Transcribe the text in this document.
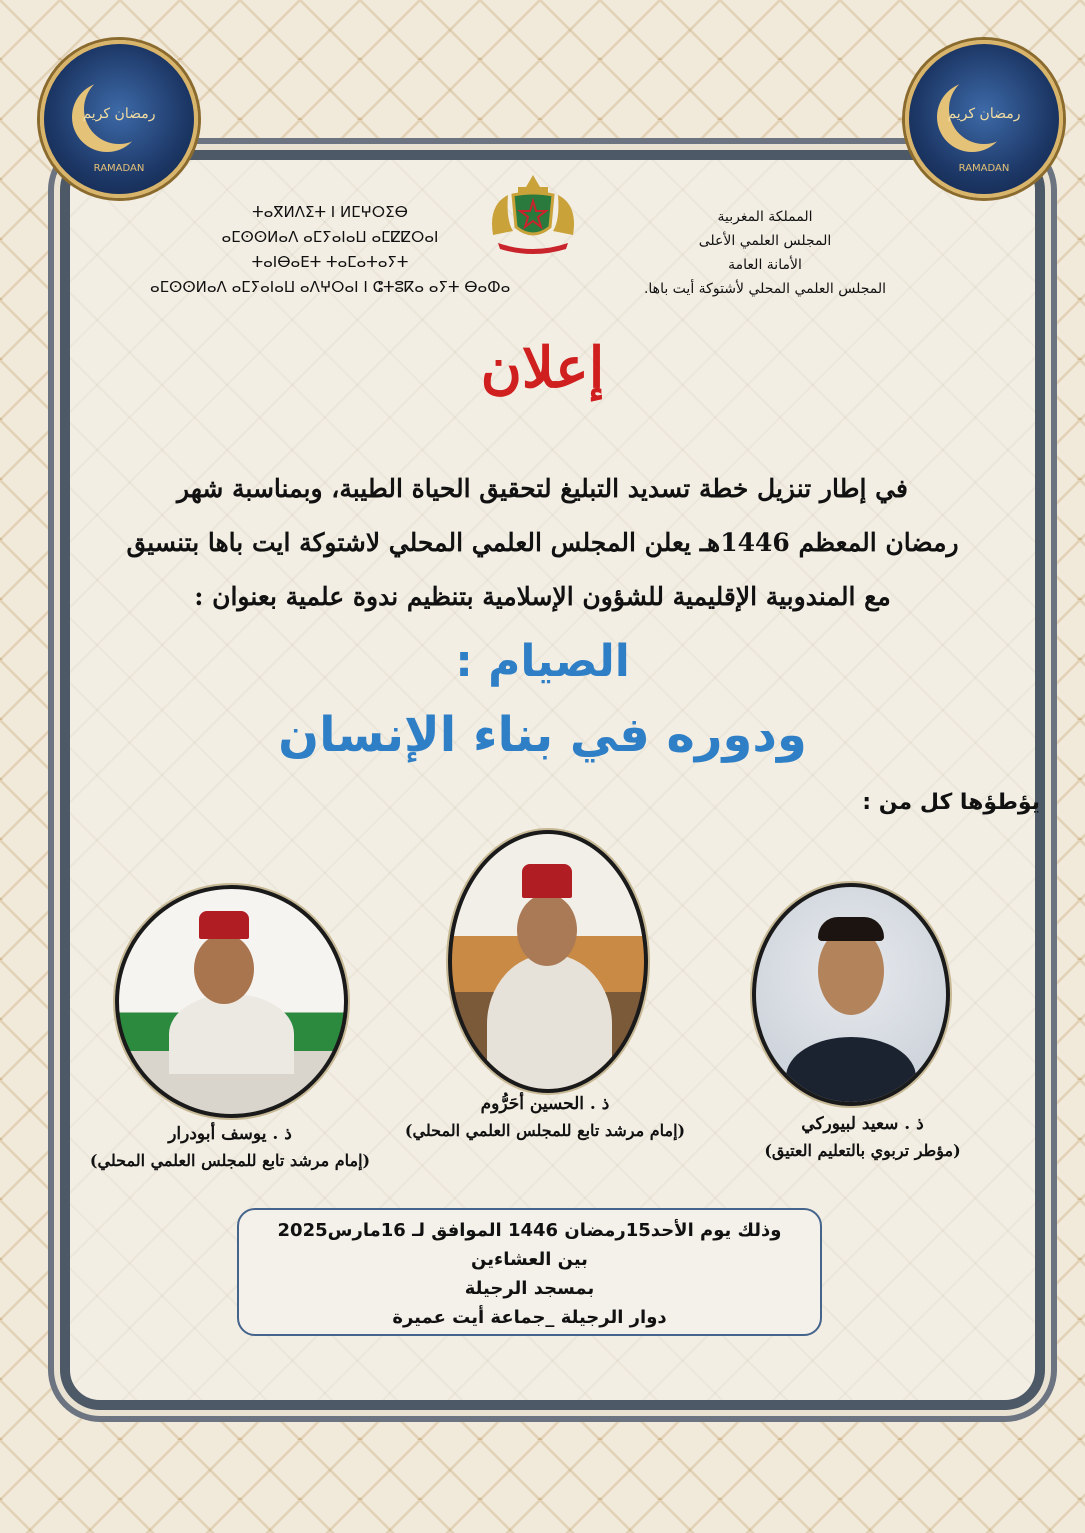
رمضان كريم
RAMADAN
رمضان كريم
RAMADAN
ⵜⴰⴳⵍⴷⵉⵜ ⵏ ⵍⵎⵖⵔⵉⴱ
ⴰⵎⵙⵙⵍⴰⴷ ⴰⵎⵢⴰⵏⴰⵡ ⴰⵎⵇⵇⵔⴰⵏ
ⵜⴰⵏⴱⴰⴹⵜ ⵜⴰⵎⴰⵜⴰⵢⵜ
ⴰⵎⵙⵙⵍⴰⴷ ⴰⵎⵢⴰⵏⴰⵡ ⴰⴷⵖⵔⴰⵏ ⵏ ⵛⵜⵓⴽⴰ ⴰⵢⵜ ⴱⴰⵀⴰ
المملكة المغربية
المجلس العلمي الأعلى
الأمانة العامة
المجلس العلمي المحلي لأشتوكة أيت باها.
إعلان
في إطار تنزيل خطة تسديد التبليغ لتحقيق الحياة الطيبة، وبمناسبة شهر
رمضان المعظم 1446هـ يعلن المجلس العلمي المحلي لاشتوكة ايت باها بتنسيق
مع المندوبية الإقليمية للشؤون الإسلامية بتنظيم ندوة علمية بعنوان :
الصيام :
ودوره في بناء الإنسان
يؤطؤها كل من :
ذ . يوسف أبودرار
(إمام مرشد تابع للمجلس العلمي المحلي)
ذ . الحسين أحَرُّوم
(إمام مرشد تابع للمجلس العلمي المحلي)	ذ . سعيد لبيوركي
(مؤطر تربوي بالتعليم العتيق)
وذلك يوم الأحد15رمضان 1446 الموافق لـ 16مارس2025
بين العشاءين
بمسجد الرجيلة
دوار الرجيلة _جماعة أيت عميرة
